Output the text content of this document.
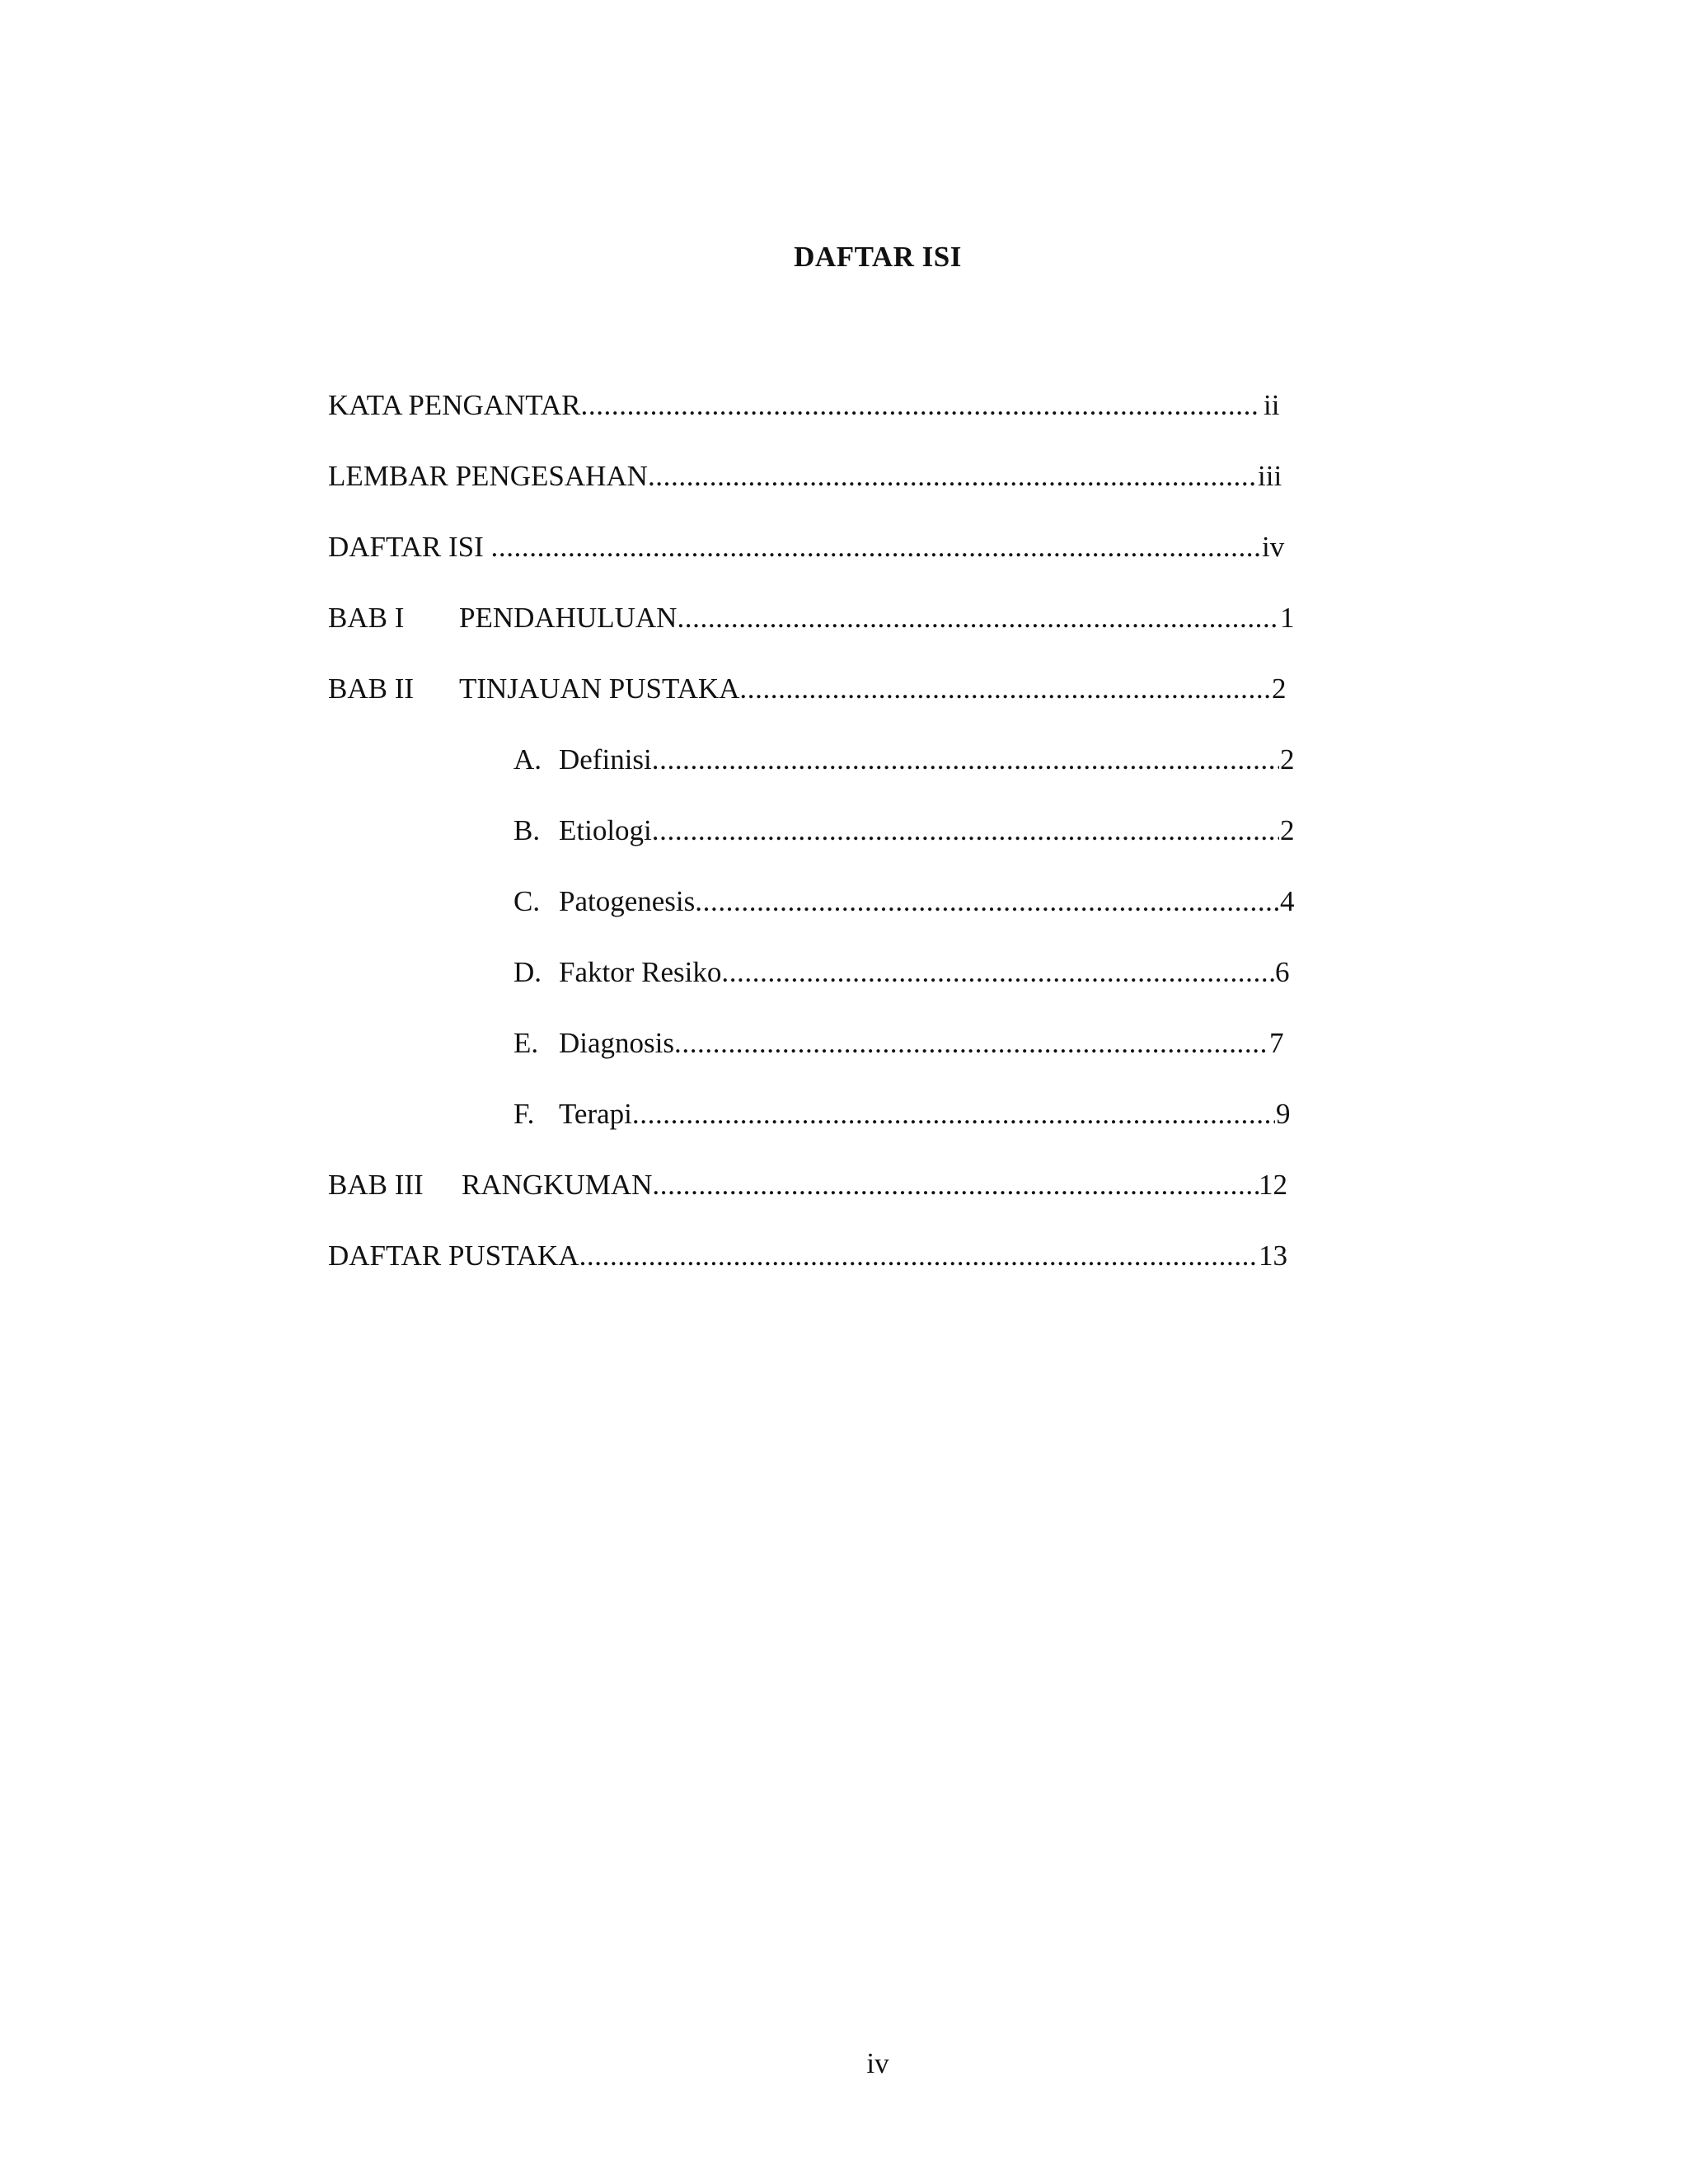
DAFTAR ISI
KATA PENGANTAR .....	ii
LEMBAR PENGESAHAN .....	iii
DAFTAR ISI .....	iv
BAB I PENDAHULUAN .....	1
BAB II TINJAUAN PUSTAKA .....	2
A. Definisi .....	2
B. Etiologi .....	2
C. Patogenesis .....	4
D. Faktor Resiko .....	6
E. Diagnosis .....	7
F. Terapi .....	9
BAB III RANGKUMAN .....	12
DAFTAR PUSTAKA .....	13
iv
